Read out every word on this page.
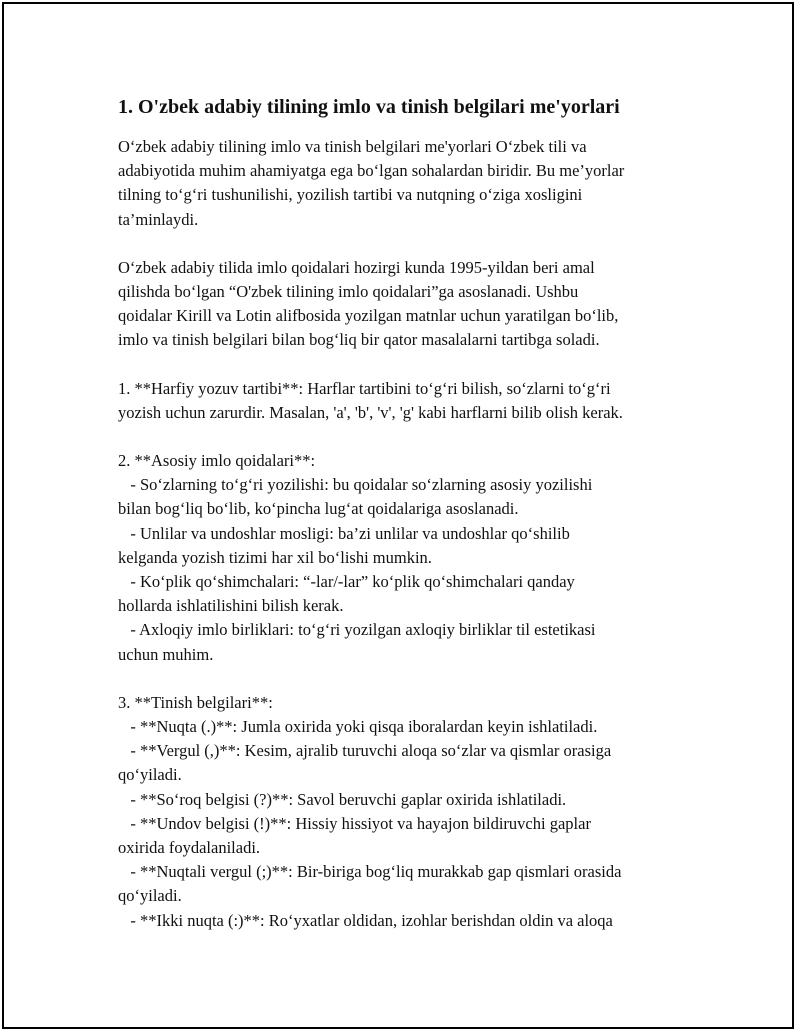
1. O'zbek adabiy tilining imlo va tinish belgilari me'yorlari
O‘zbek adabiy tilining imlo va tinish belgilari me'yorlari O‘zbek tili va
adabiyotida muhim ahamiyatga ega bo‘lgan sohalardan biridir. Bu me’yorlar
tilning to‘g‘ri tushunilishi, yozilish tartibi va nutqning o‘ziga xosligini
ta’minlaydi.
O‘zbek adabiy tilida imlo qoidalari hozirgi kunda 1995-yildan beri amal
qilishda bo‘lgan “O'zbek tilining imlo qoidalari”ga asoslanadi. Ushbu
qoidalar Kirill va Lotin alifbosida yozilgan matnlar uchun yaratilgan bo‘lib,
imlo va tinish belgilari bilan bog‘liq bir qator masalalarni tartibga soladi.
1. **Harfiy yozuv tartibi**: Harflar tartibini to‘g‘ri bilish, so‘zlarni to‘g‘ri
yozish uchun zarurdir. Masalan, 'a', 'b', 'v', 'g' kabi harflarni bilib olish kerak.
2. **Asosiy imlo qoidalari**:
- So‘zlarning to‘g‘ri yozilishi: bu qoidalar so‘zlarning asosiy yozilishi
bilan bog‘liq bo‘lib, ko‘pincha lug‘at qoidalariga asoslanadi.
- Unlilar va undoshlar mosligi: ba’zi unlilar va undoshlar qo‘shilib
kelganda yozish tizimi har xil bo‘lishi mumkin.
- Ko‘plik qo‘shimchalari: “-lar/-lar” ko‘plik qo‘shimchalari qanday
hollarda ishlatilishini bilish kerak.
- Axloqiy imlo birliklari: to‘g‘ri yozilgan axloqiy birliklar til estetikasi
uchun muhim.
3. **Tinish belgilari**:
- **Nuqta (.)**: Jumla oxirida yoki qisqa iboralardan keyin ishlatiladi.
- **Vergul (,)**: Kesim, ajralib turuvchi aloqa so‘zlar va qismlar orasiga
qo‘yiladi.
- **So‘roq belgisi (?)**: Savol beruvchi gaplar oxirida ishlatiladi.
- **Undov belgisi (!)**: Hissiy hissiyot va hayajon bildiruvchi gaplar
oxirida foydalaniladi.
- **Nuqtali vergul (;)**: Bir-biriga bog‘liq murakkab gap qismlari orasida
qo‘yiladi.
- **Ikki nuqta (:)**: Ro‘yxatlar oldidan, izohlar berishdan oldin va aloqa
